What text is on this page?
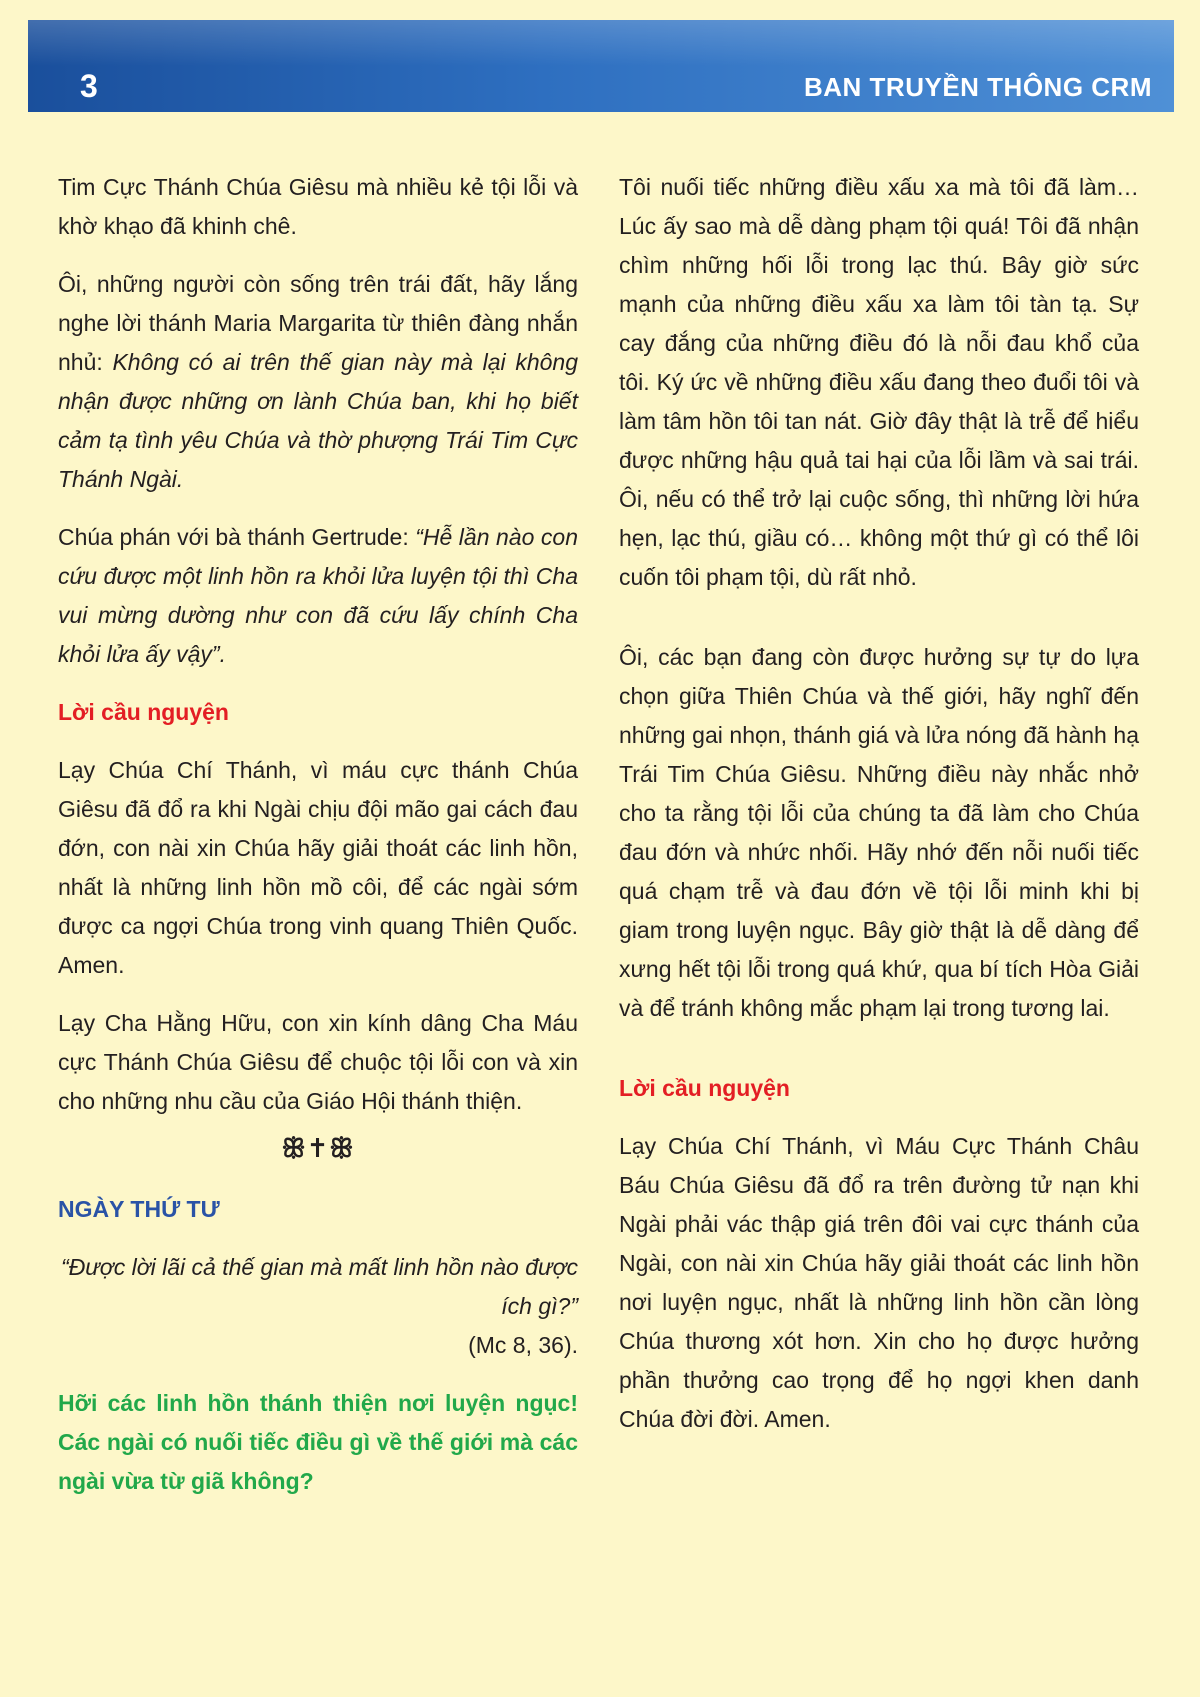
3	BAN TRUYỀN THÔNG CRM

Tim Cực Thánh Chúa Giêsu mà nhiều kẻ tội lỗi và khờ khạo đã khinh chê.

Ôi, những người còn sống trên trái đất, hãy lắng nghe lời thánh Maria Margarita từ thiên đàng nhắn nhủ: Không có ai trên thế gian này mà lại không nhận được những ơn lành Chúa ban, khi họ biết cảm tạ tình yêu Chúa và thờ phượng Trái Tim Cực Thánh Ngài.

Chúa phán với bà thánh Gertrude: “Hễ lần nào con cứu được một linh hồn ra khỏi lửa luyện tội thì Cha vui mừng dường như con đã cứu lấy chính Cha khỏi lửa ấy vậy”.

Lời cầu nguyện

Lạy Chúa Chí Thánh, vì máu cực thánh Chúa Giêsu đã đổ ra khi Ngài chịu đội mão gai cách đau đớn, con nài xin Chúa hãy giải thoát các linh hồn, nhất là những linh hồn mồ côi, để các ngài sớm được ca ngợi Chúa trong vinh quang Thiên Quốc. Amen.

Lạy Cha Hằng Hữu, con xin kính dâng Cha Máu cực Thánh Chúa Giêsu để chuộc tội lỗi con và xin cho những nhu cầu của Giáo Hội thánh thiện.

ꕥ✝ꕥ

NGÀY THỨ TƯ

“Được lời lãi cả thế gian mà mất linh hồn nào được ích gì?”

(Mc 8, 36).

Hỡi các linh hồn thánh thiện nơi luyện ngục! Các ngài có nuối tiếc điều gì về thế giới mà các ngài vừa từ giã không?

Tôi nuối tiếc những điều xấu xa mà tôi đã làm… Lúc ấy sao mà dễ dàng phạm tội quá! Tôi đã nhận chìm những hối lỗi trong lạc thú. Bây giờ sức mạnh của những điều xấu xa làm tôi tàn tạ. Sự cay đắng của những điều đó là nỗi đau khổ của tôi. Ký ức về những điều xấu đang theo đuổi tôi và làm tâm hồn tôi tan nát. Giờ đây thật là trễ để hiểu được những hậu quả tai hại của lỗi lầm và sai trái. Ôi, nếu có thể trở lại cuộc sống, thì những lời hứa hẹn, lạc thú, giầu có… không một thứ gì có thể lôi cuốn tôi phạm tội, dù rất nhỏ.

Ôi, các bạn đang còn được hưởng sự tự do lựa chọn giữa Thiên Chúa và thế giới, hãy nghĩ đến những gai nhọn, thánh giá và lửa nóng đã hành hạ Trái Tim Chúa Giêsu. Những điều này nhắc nhở cho ta rằng tội lỗi của chúng ta đã làm cho Chúa đau đớn và nhức nhối. Hãy nhớ đến nỗi nuối tiếc quá chạm trễ và đau đớn về tội lỗi minh khi bị giam trong luyện ngục. Bây giờ thật là dễ dàng để xưng hết tội lỗi trong quá khứ, qua bí tích Hòa Giải và để tránh không mắc phạm lại trong tương lai.

Lời cầu nguyện

Lạy Chúa Chí Thánh, vì Máu Cực Thánh Châu Báu Chúa Giêsu đã đổ ra trên đường tử nạn khi Ngài phải vác thập giá trên đôi vai cực thánh của Ngài, con nài xin Chúa hãy giải thoát các linh hồn nơi luyện ngục, nhất là những linh hồn cần lòng Chúa thương xót hơn. Xin cho họ được hưởng phần thưởng cao trọng để họ ngợi khen danh Chúa đời đời. Amen.
